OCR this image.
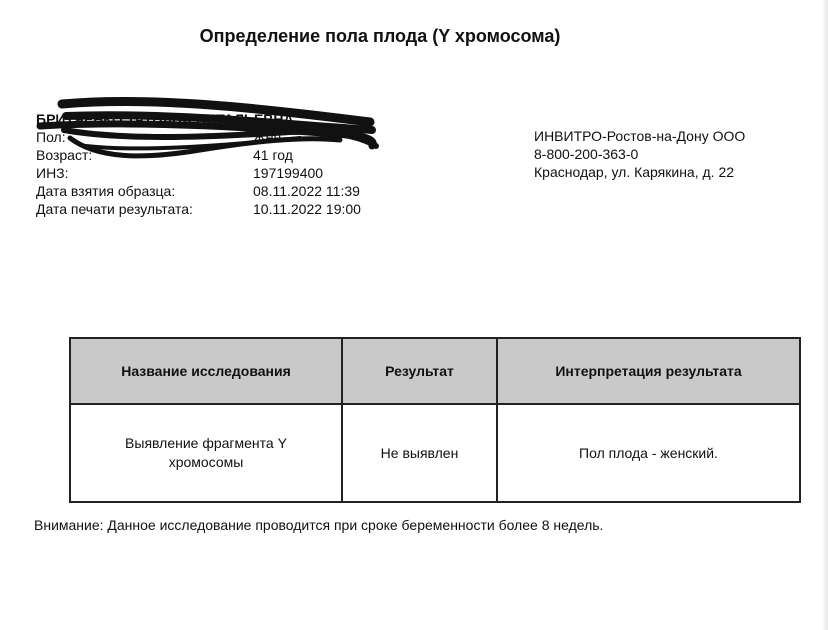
Определение пола плода (Y хромосома)
БРИТЧЕНКО ТАТЬЯНА ВИТАЛЬЕВНА
Пол:	Жен
Возраст:	41 год
ИНЗ:	197199400
Дата взятия образца:	08.11.2022 11:39
Дата печати результата:	10.11.2022 19:00
ИНВИТРО-Ростов-на-Дону ООО
8-800-200-363-0
Краснодар, ул. Карякина, д. 22
Название исследования	Результат	Интерпретация результата

Выявление фрагмента Y хромосомы	Не выявлен	Пол плода - женский.
Внимание: Данное исследование проводится при сроке беременности более 8 недель.
